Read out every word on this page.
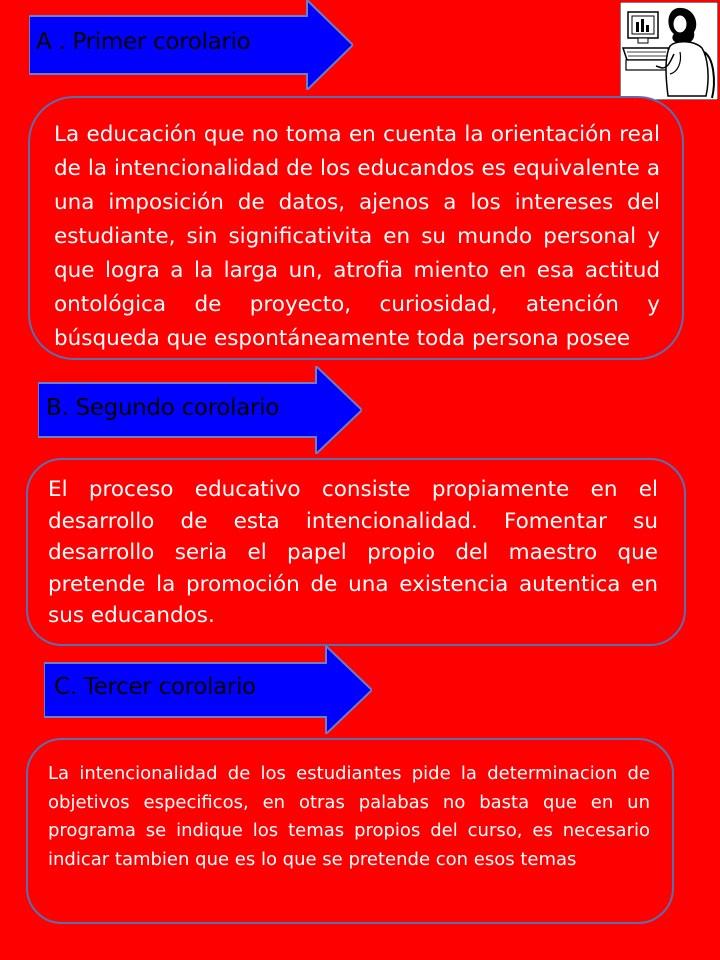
A . Primer corolario

La educación que no toma en cuenta la orientación real de la intencionalidad de los educandos es equivalente a una imposición de datos, ajenos a los intereses del estudiante, sin significativita en su mundo personal y que logra a la larga un, atrofia miento en esa actitud ontológica de proyecto, curiosidad, atención y búsqueda que espontáneamente toda persona posee

B. Segundo corolario

El proceso educativo consiste propiamente en el desarrollo de esta intencionalidad. Fomentar su desarrollo seria el papel propio del maestro que pretende la promoción de una existencia autentica en sus educandos.

C. Tercer corolario

La intencionalidad de los estudiantes pide la determinacion de objetivos especificos, en otras palabas no basta que en un programa se indique los temas propios del curso, es necesario indicar tambien que es lo que se pretende con esos temas
